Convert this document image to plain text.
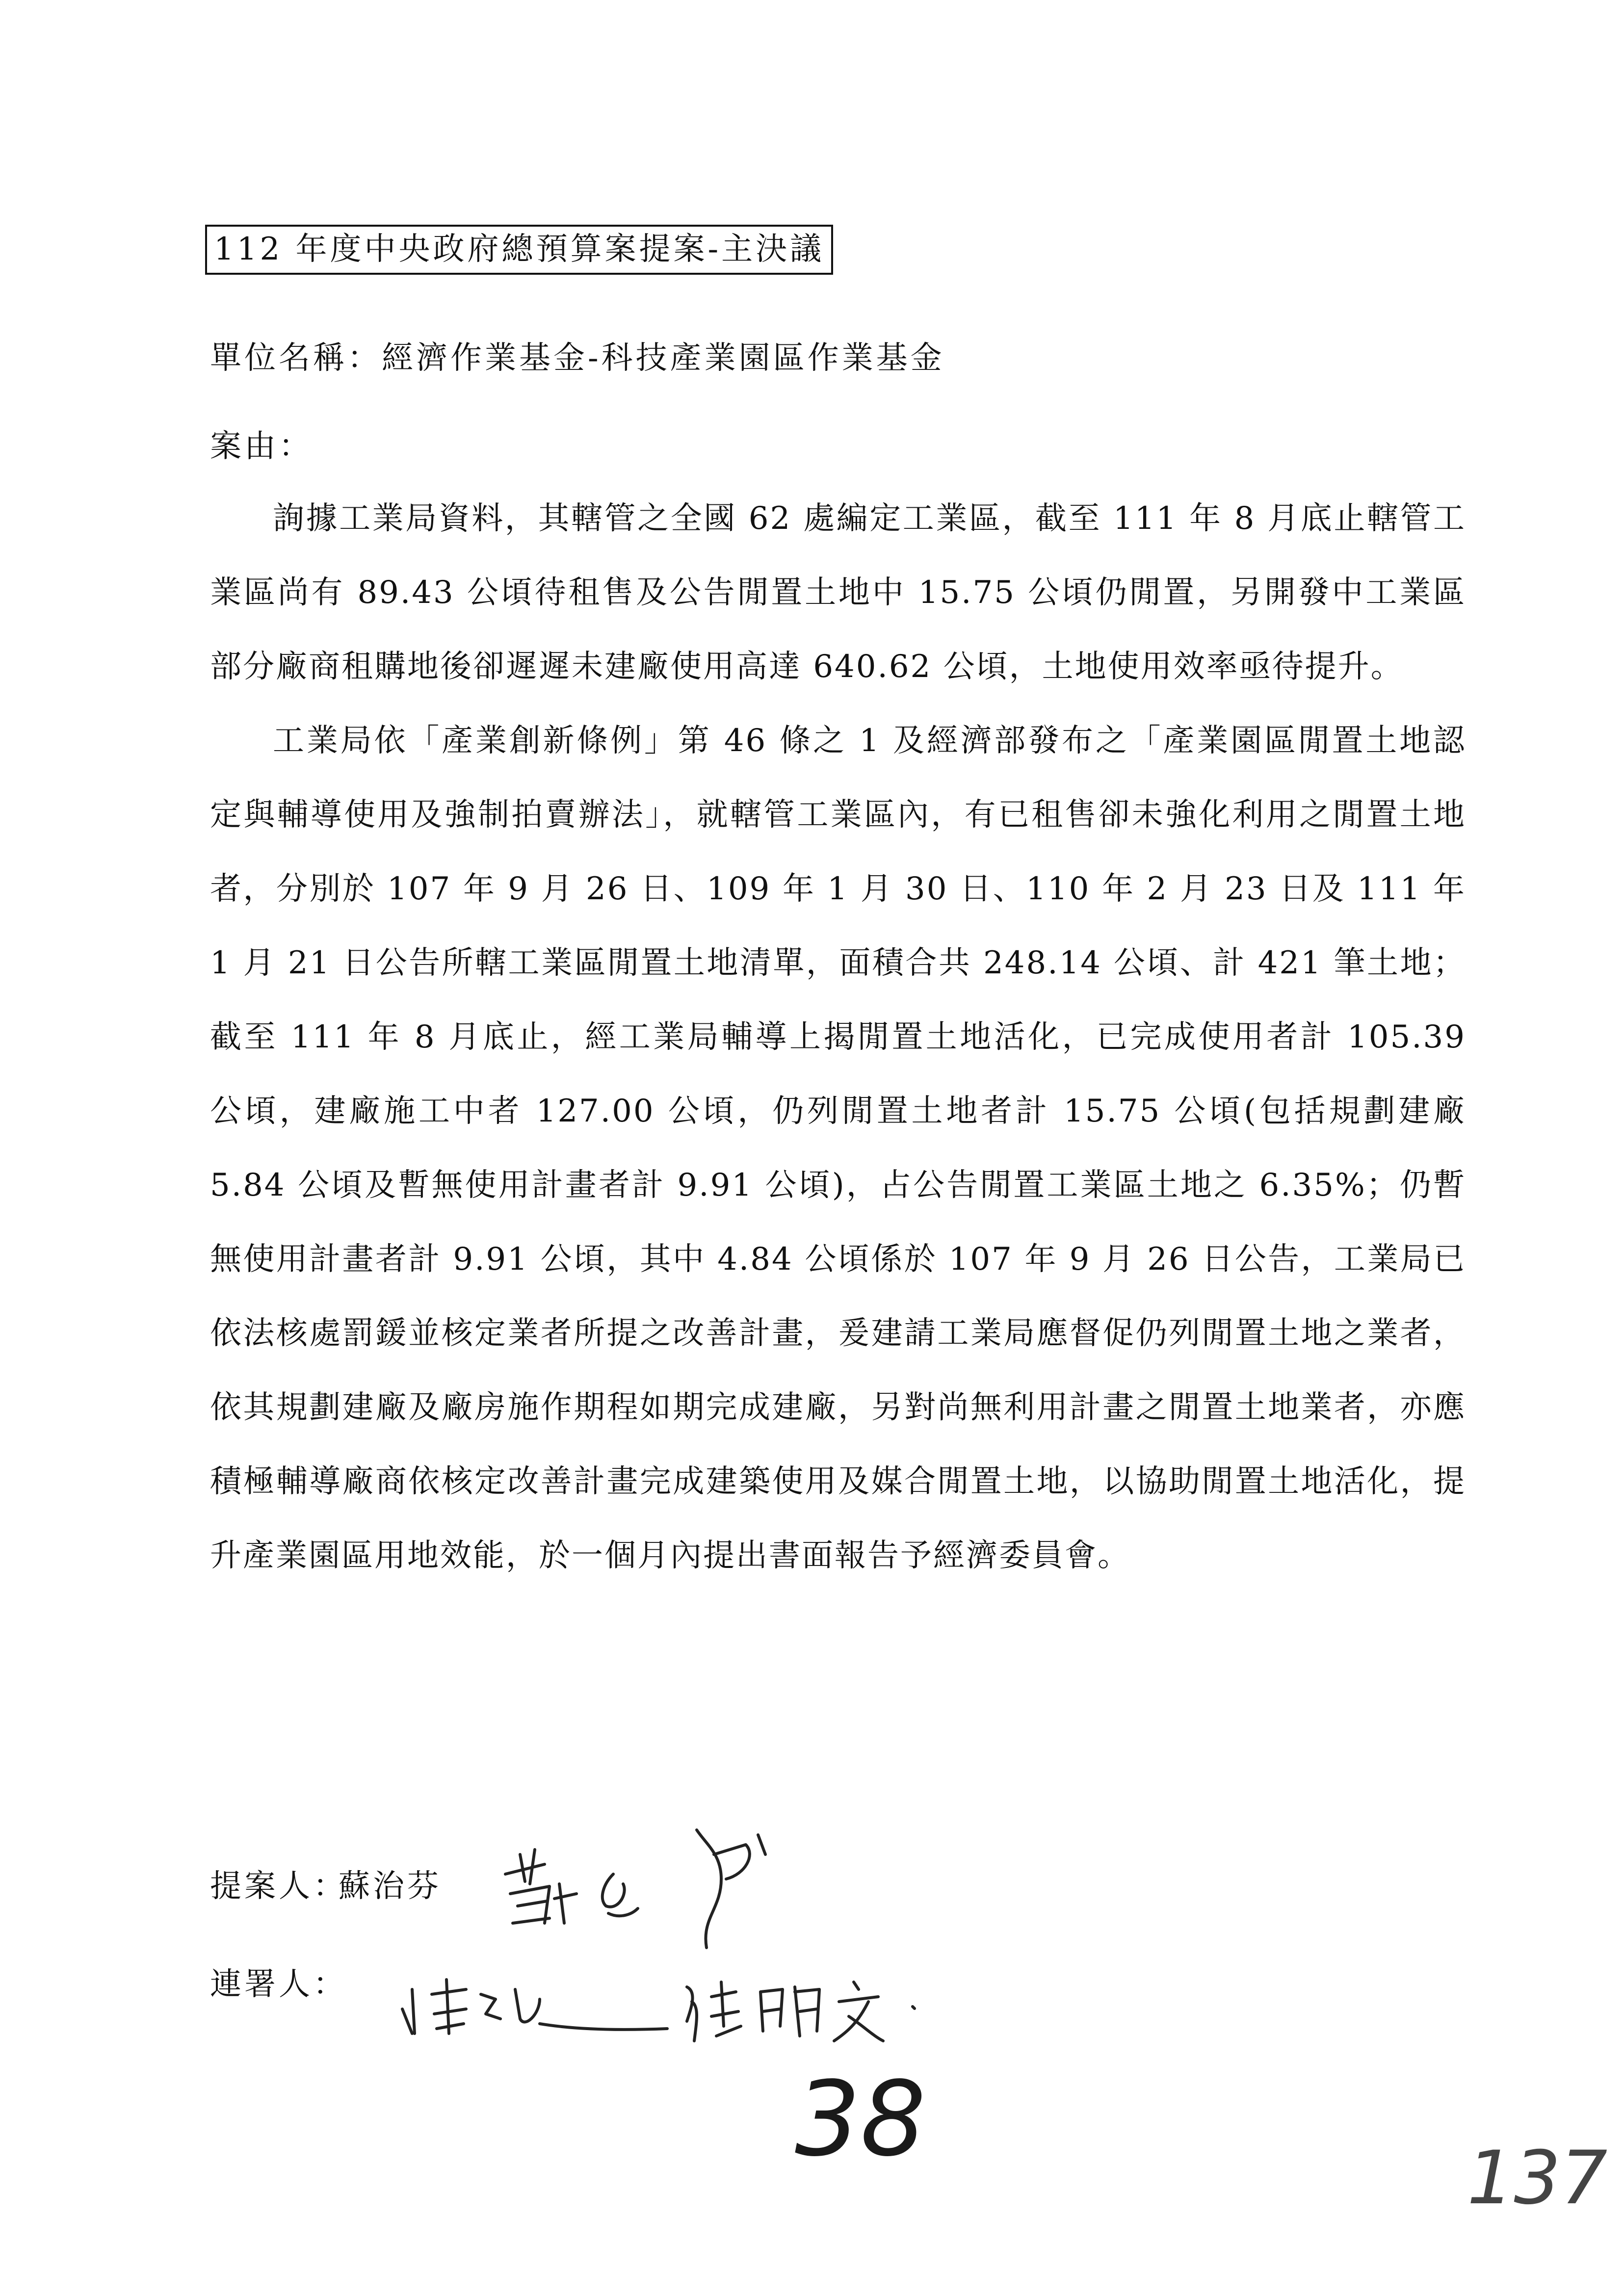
112 年度中央政府總預算案提案-主決議
單位名稱：經濟作業基金-科技產業園區作業基金
案由：

詢據工業局資料，其轄管之全國 62 處編定工業區，截至 111 年 8 月底止轄管工業區尚有 89.43 公頃待租售及公告閒置土地中 15.75 公頃仍閒置，另開發中工業區部分廠商租購地後卻遲遲未建廠使用高達 640.62 公頃，土地使用效率亟待提升。

工業局依「產業創新條例」第 46 條之 1 及經濟部發布之「產業園區閒置土地認定與輔導使用及強制拍賣辦法」，就轄管工業區內，有已租售卻未強化利用之閒置土地者，分別於 107 年 9 月 26 日、109 年 1 月 30 日、110 年 2 月 23 日及 111 年 1 月 21 日公告所轄工業區閒置土地清單，面積合共 248.14 公頃、計 421 筆土地；截至 111 年 8 月底止，經工業局輔導上揭閒置土地活化，已完成使用者計 105.39 公頃，建廠施工中者 127.00 公頃，仍列閒置土地者計 15.75 公頃(包括規劃建廠 5.84 公頃及暫無使用計畫者計 9.91 公頃)，占公告閒置工業區土地之 6.35%；仍暫無使用計畫者計 9.91 公頃，其中 4.84 公頃係於 107 年 9 月 26 日公告，工業局已依法核處罰鍰並核定業者所提之改善計畫，爰建請工業局應督促仍列閒置土地之業者，依其規劃建廠及廠房施作期程如期完成建廠，另對尚無利用計畫之閒置土地業者，亦應積極輔導廠商依核定改善計畫完成建築使用及媒合閒置土地，以協助閒置土地活化，提升產業園區用地效能，於一個月內提出書面報告予經濟委員會。

提案人：
蘇治芬
連署人：
38	137
